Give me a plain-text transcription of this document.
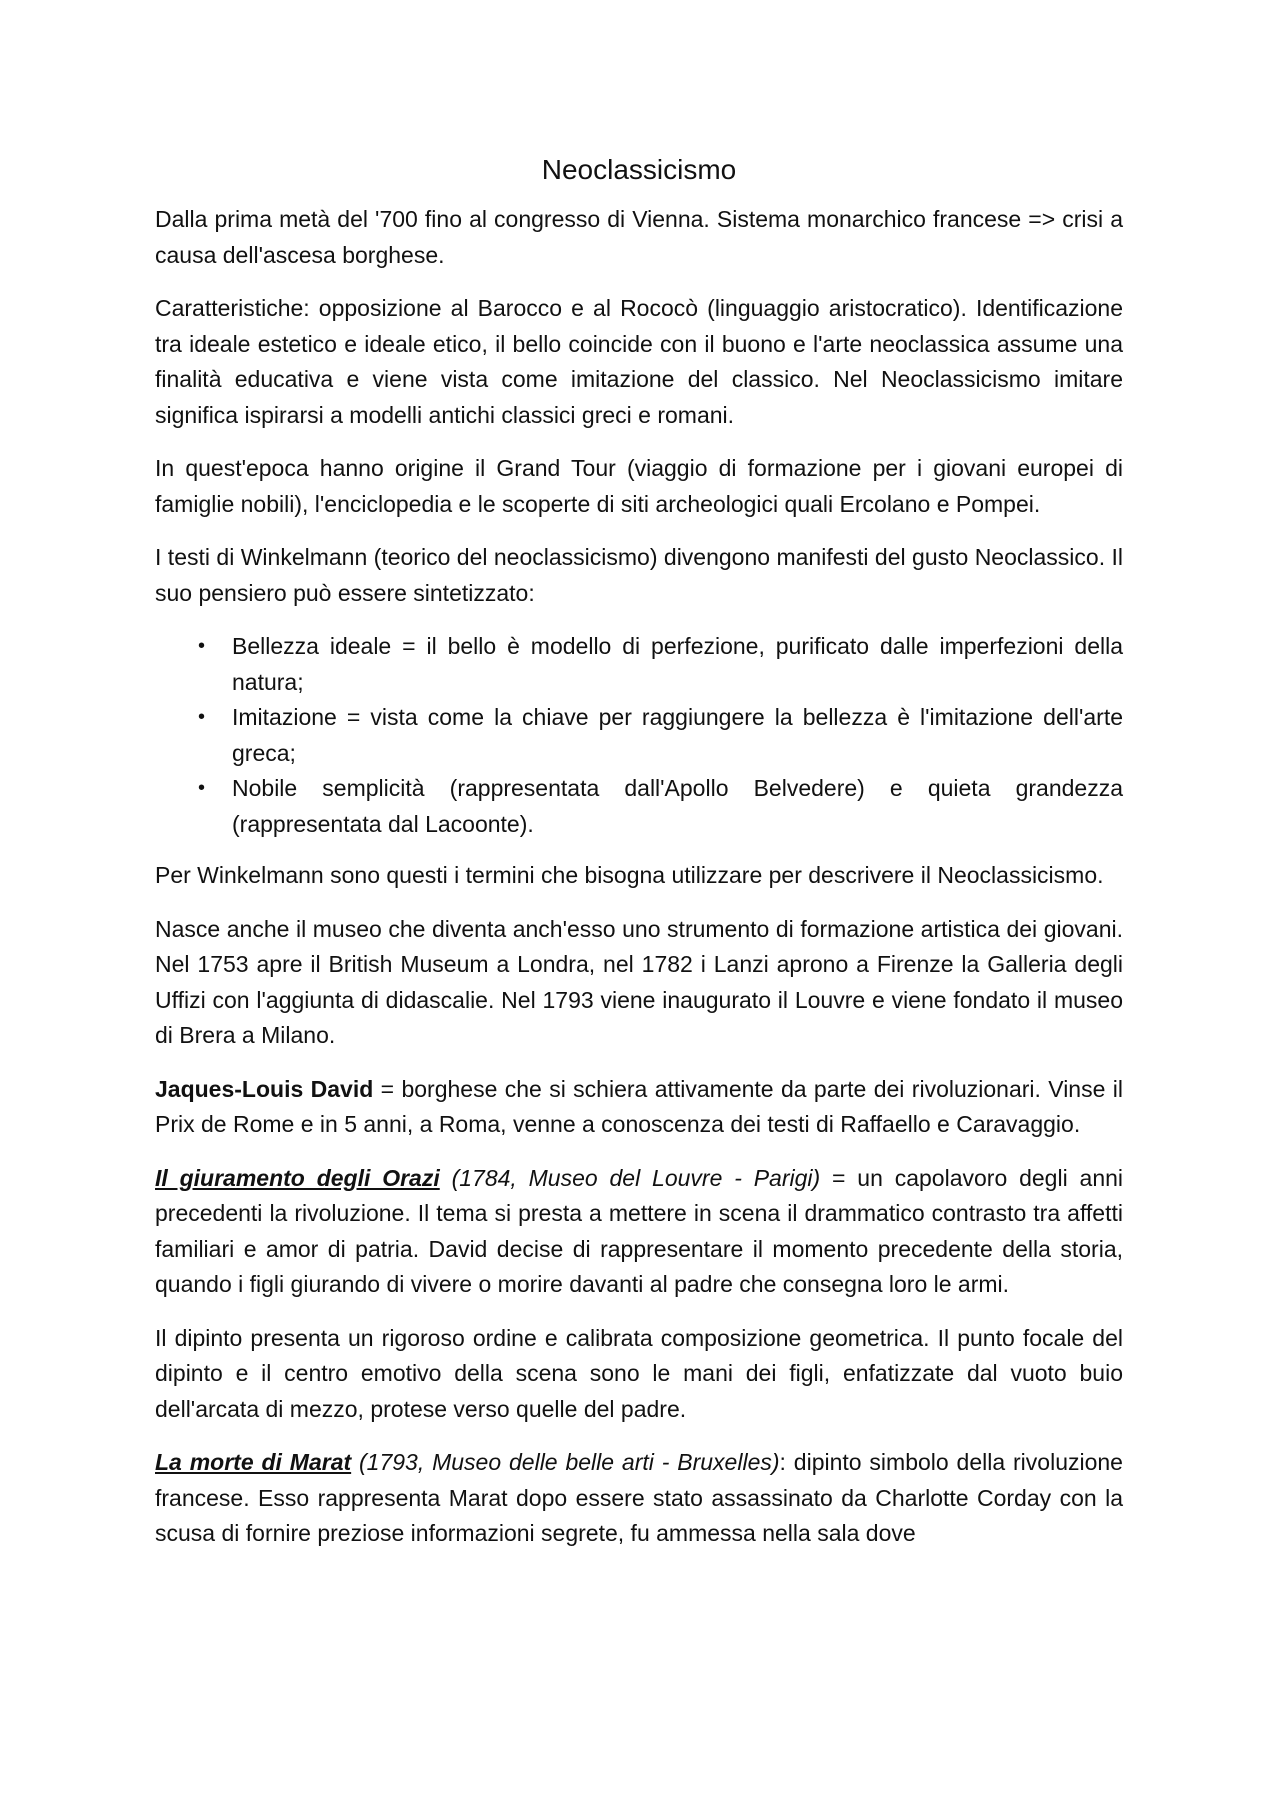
Neoclassicismo

Dalla prima metà del '700 fino al congresso di Vienna. Sistema monarchico francese => crisi a causa dell'ascesa borghese.

Caratteristiche: opposizione al Barocco e al Rococò (linguaggio aristocratico). Identificazione tra ideale estetico e ideale etico, il bello coincide con il buono e l'arte neoclassica assume una finalità educativa e viene vista come imitazione del classico. Nel Neoclassicismo imitare significa ispirarsi a modelli antichi classici greci e romani.

In quest'epoca hanno origine il Grand Tour (viaggio di formazione per i giovani europei di famiglie nobili), l'enciclopedia e le scoperte di siti archeologici quali Ercolano e Pompei.

I testi di Winkelmann (teorico del neoclassicismo) divengono manifesti del gusto Neoclassico. Il suo pensiero può essere sintetizzato:

• Bellezza ideale = il bello è modello di perfezione, purificato dalle imperfezioni della natura;
• Imitazione = vista come la chiave per raggiungere la bellezza è l'imitazione dell'arte greca;
• Nobile semplicità (rappresentata dall'Apollo Belvedere) e quieta grandezza (rappresentata dal Lacoonte).

Per Winkelmann sono questi i termini che bisogna utilizzare per descrivere il Neoclassicismo.

Nasce anche il museo che diventa anch'esso uno strumento di formazione artistica dei giovani. Nel 1753 apre il British Museum a Londra, nel 1782 i Lanzi aprono a Firenze la Galleria degli Uffizi con l'aggiunta di didascalie. Nel 1793 viene inaugurato il Louvre e viene fondato il museo di Brera a Milano.

Jaques-Louis David = borghese che si schiera attivamente da parte dei rivoluzionari. Vinse il Prix de Rome e in 5 anni, a Roma, venne a conoscenza dei testi di Raffaello e Caravaggio.

Il giuramento degli Orazi (1784, Museo del Louvre - Parigi) = un capolavoro degli anni precedenti la rivoluzione. Il tema si presta a mettere in scena il drammatico contrasto tra affetti familiari e amor di patria. David decise di rappresentare il momento precedente della storia, quando i figli giurando di vivere o morire davanti al padre che consegna loro le armi.

Il dipinto presenta un rigoroso ordine e calibrata composizione geometrica. Il punto focale del dipinto e il centro emotivo della scena sono le mani dei figli, enfatizzate dal vuoto buio dell'arcata di mezzo, protese verso quelle del padre.

La morte di Marat (1793, Museo delle belle arti - Bruxelles): dipinto simbolo della rivoluzione francese. Esso rappresenta Marat dopo essere stato assassinato da Charlotte Corday con la scusa di fornire preziose informazioni segrete, fu ammessa nella sala dove
